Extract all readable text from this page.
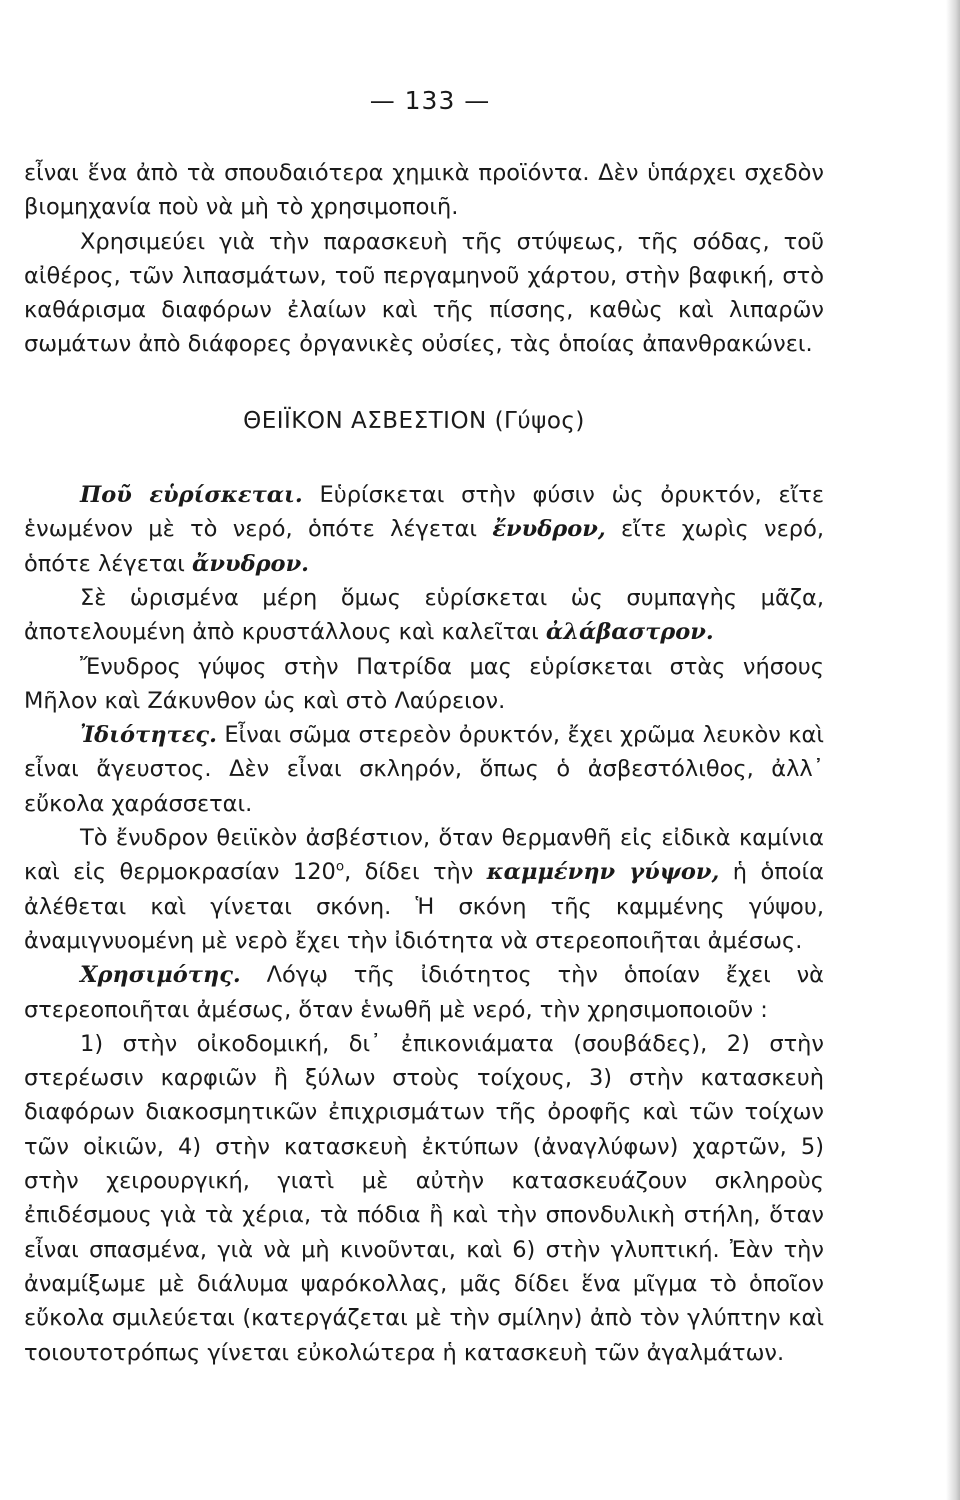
— 133 —

εἶναι ἕνα ἀπὸ τὰ σπουδαιότερα χημικὰ προϊόντα. Δὲν ὑπάρχει σχεδὸν βιομηχανία ποὺ νὰ μὴ τὸ χρησιμοποιῆ.

Χρησιμεύει γιὰ τὴν παρασκευὴ τῆς στύψεως, τῆς σόδας, τοῦ αἰθέρος, τῶν λιπασμάτων, τοῦ περγαμηνοῦ χάρτου, στὴν βαφική, στὸ καθάρισμα διαφόρων ἐλαίων καὶ τῆς πίσσης, καθὼς καὶ λιπαρῶν σωμάτων ἀπὸ διάφορες ὀργανικὲς οὐσίες, τὰς ὁποίας ἀπανθρακώνει.

ΘΕΙΪΚΟΝ ΑΣΒΕΣΤΙΟΝ (Γύψος)

Ποῦ εὑρίσκεται. Εὑρίσκεται στὴν φύσιν ὡς ὀρυκτόν, εἴτε ἑνωμένον μὲ τὸ νερό, ὁπότε λέγεται ἔνυδρον, εἴτε χωρὶς νερό, ὁπότε λέγεται ἄνυδρον.

Σὲ ὡρισμένα μέρη ὅμως εὑρίσκεται ὡς συμπαγὴς μᾶζα, ἀποτελουμένη ἀπὸ κρυστάλλους καὶ καλεῖται ἀλάβαστρον.

Ἔνυδρος γύψος στὴν Πατρίδα μας εὑρίσκεται στὰς νήσους Μῆλον καὶ Ζάκυνθον ὡς καὶ στὸ Λαύρειον.

Ἰδιότητες. Εἶναι σῶμα στερεὸν ὀρυκτόν, ἔχει χρῶμα λευκὸν καὶ εἶναι ἄγευστος. Δὲν εἶναι σκληρόν, ὅπως ὁ ἀσβεστόλιθος, ἀλλ᾽ εὔκολα χαράσσεται.

Τὸ ἔνυδρον θειϊκὸν ἀσβέστιον, ὅταν θερμανθῆ εἰς εἰδικὰ καμίνια καὶ εἰς θερμοκρασίαν $120^o$, δίδει τὴν καμμένην γύψον, ἡ ὁποία ἀλέθεται καὶ γίνεται σκόνη. Ἡ σκόνη τῆς καμμένης γύψου, ἀναμιγνυομένη μὲ νερὸ ἔχει τὴν ἰδιότητα νὰ στερεοποιῆται ἀμέσως.

Χρησιμότης. Λόγῳ τῆς ἰδιότητος τὴν ὁποίαν ἔχει νὰ στερεοποιῆται ἀμέσως, ὅταν ἑνωθῆ μὲ νερό, τὴν χρησιμοποιοῦν :

1) στὴν οἰκοδομική, δι᾽ ἐπικονιάματα (σουβάδες), 2) στὴν στερέωσιν καρφιῶν ἢ ξύλων στοὺς τοίχους, 3) στὴν κατασκευὴ διαφόρων διακοσμητικῶν ἐπιχρισμάτων τῆς ὀροφῆς καὶ τῶν τοίχων τῶν οἰκιῶν, 4) στὴν κατασκευὴ ἐκτύπων (ἀναγλύφων) χαρτῶν, 5) στὴν χειρουργική, γιατὶ μὲ αὐτὴν κατασκευάζουν σκληροὺς ἐπιδέσμους γιὰ τὰ χέρια, τὰ πόδια ἢ καὶ τὴν σπονδυλικὴ στήλη, ὅταν εἶναι σπασμένα, γιὰ νὰ μὴ κινοῦνται, καὶ 6) στὴν γλυπτική. Ἐὰν τὴν ἀναμίξωμε μὲ διάλυμα ψαρόκολλας, μᾶς δίδει ἕνα μῖγμα τὸ ὁποῖον εὔκολα σμιλεύεται (κατεργάζεται μὲ τὴν σμίλην) ἀπὸ τὸν γλύπτην καὶ τοιουτοτρόπως γίνεται εὐκολώτερα ἡ κατασκευὴ τῶν ἀγαλμάτων.
